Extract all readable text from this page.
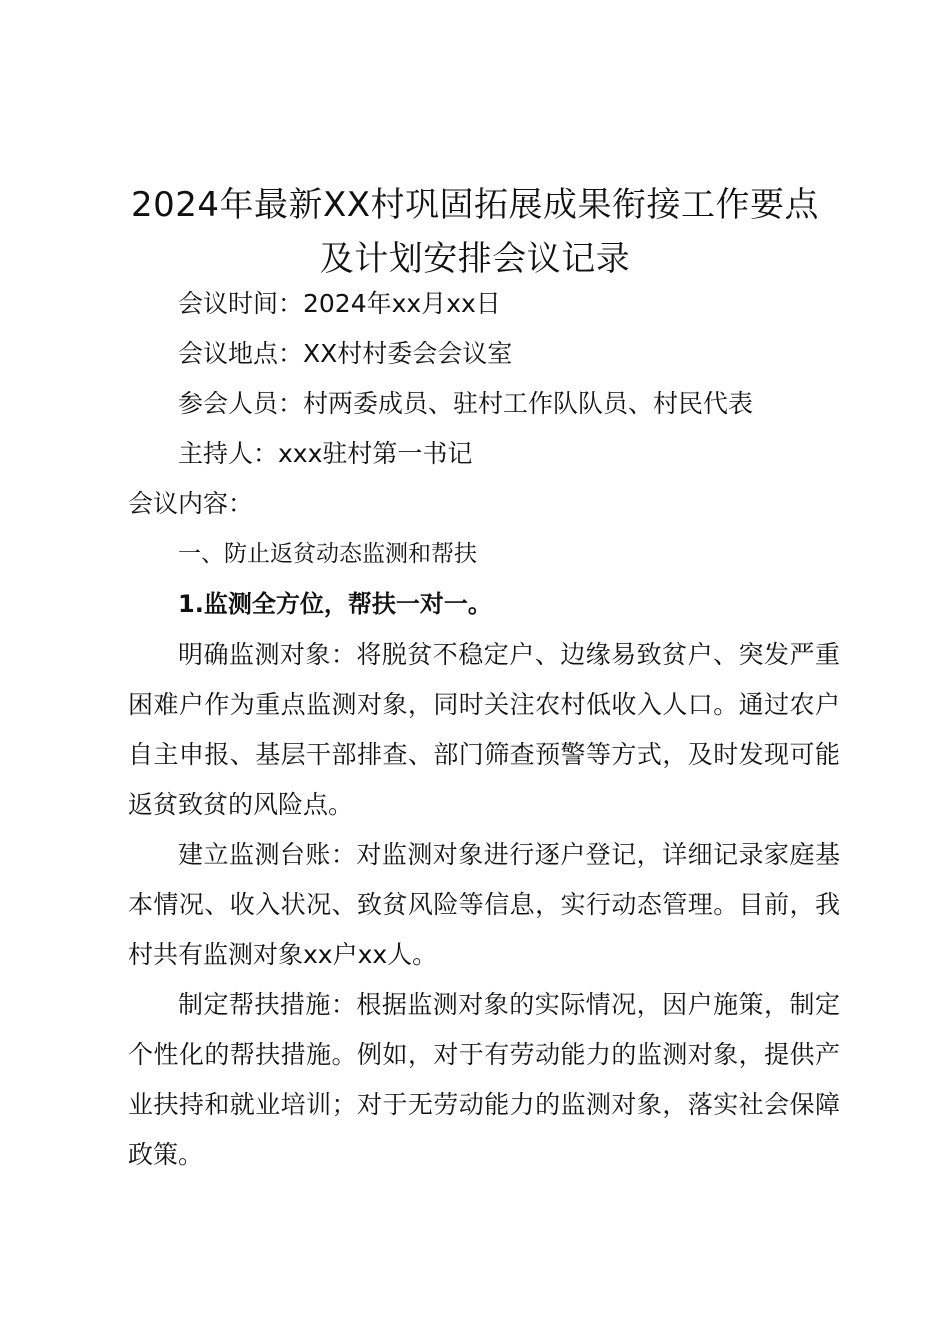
2024年最新XX村巩固拓展成果衔接工作要点及计划安排会议记录

会议时间：2024年xx月xx日

会议地点：XX村村委会会议室

参会人员：村两委成员、驻村工作队队员、村民代表

主持人：xxx驻村第一书记

会议内容：

一、防止返贫动态监测和帮扶

1.监测全方位，帮扶一对一。

明确监测对象：将脱贫不稳定户、边缘易致贫户、突发严重困难户作为重点监测对象，同时关注农村低收入人口。通过农户自主申报、基层干部排查、部门筛查预警等方式，及时发现可能返贫致贫的风险点。

建立监测台账：对监测对象进行逐户登记，详细记录家庭基本情况、收入状况、致贫风险等信息，实行动态管理。目前，我村共有监测对象xx户xx人。

制定帮扶措施：根据监测对象的实际情况，因户施策，制定个性化的帮扶措施。例如，对于有劳动能力的监测对象，提供产业扶持和就业培训；对于无劳动能力的监测对象，落实社会保障政策。
